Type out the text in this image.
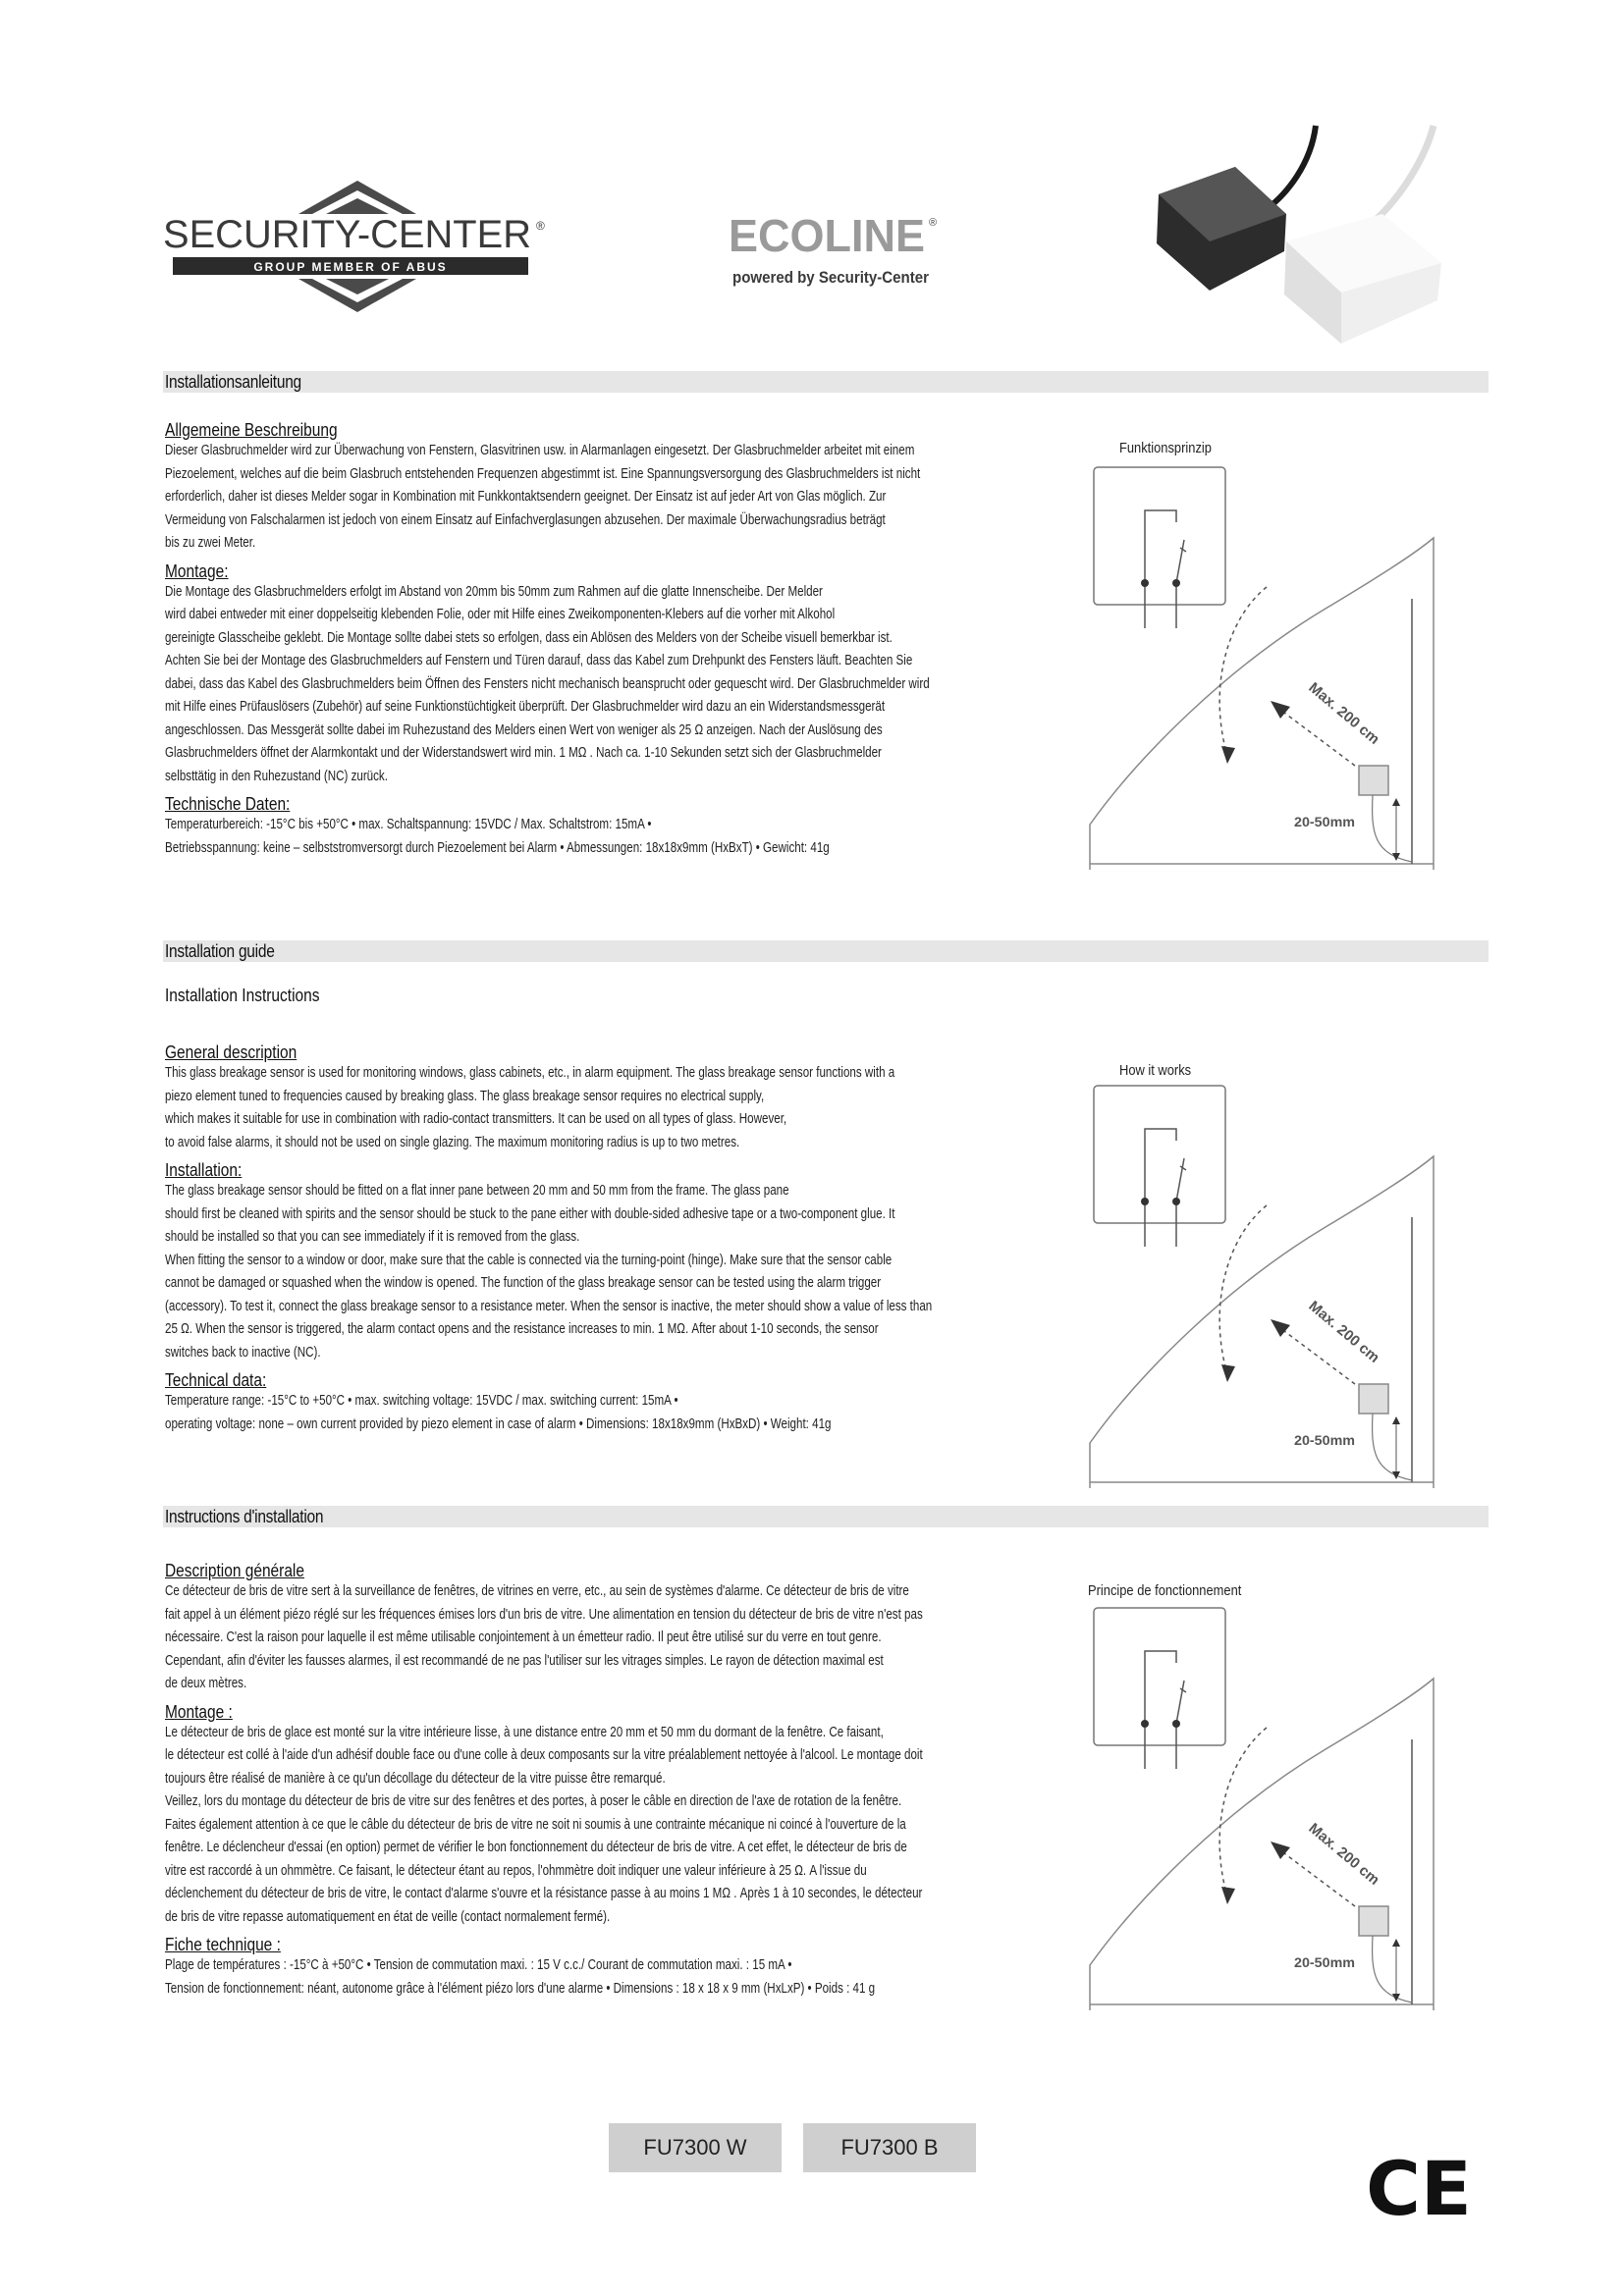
SECURITY-CENTER ®
GROUP MEMBER OF ABUS
ECOLINE ®
powered by Security-Center
Installationsanleitung

Allgemeine Beschreibung

Dieser Glasbruchmelder wird zur Überwachung von Fenstern, Glasvitrinen usw. in Alarmanlagen eingesetzt. Der Glasbruchmelder arbeitet mit einem
Piezoelement, welches auf die beim Glasbruch entstehenden Frequenzen abgestimmt ist. Eine Spannungsversorgung des Glasbruchmelders ist nicht
erforderlich, daher ist dieses Melder sogar in Kombination mit Funkkontaktsendern geeignet. Der Einsatz ist auf jeder Art von Glas möglich. Zur
Vermeidung von Falschalarmen ist jedoch von einem Einsatz auf Einfachverglasungen abzusehen. Der maximale Überwachungsradius beträgt
bis zu zwei Meter.

Montage:

Die Montage des Glasbruchmelders erfolgt im Abstand von 20mm bis 50mm zum Rahmen auf die glatte Innenscheibe. Der Melder
wird dabei entweder mit einer doppelseitig klebenden Folie, oder mit Hilfe eines Zweikomponenten-Klebers auf die vorher mit Alkohol
gereinigte Glasscheibe geklebt. Die Montage sollte dabei stets so erfolgen, dass ein Ablösen des Melders von der Scheibe visuell bemerkbar ist.
Achten Sie bei der Montage des Glasbruchmelders auf Fenstern und Türen darauf, dass das Kabel zum Drehpunkt des Fensters läuft. Beachten Sie
dabei, dass das Kabel des Glasbruchmelders beim Öffnen des Fensters nicht mechanisch beansprucht oder gequescht wird. Der Glasbruchmelder wird
mit Hilfe eines Prüfauslösers (Zubehör) auf seine Funktionstüchtigkeit überprüft. Der Glasbruchmelder wird dazu an ein Widerstandsmessgerät
angeschlossen. Das Messgerät sollte dabei im Ruhezustand des Melders einen Wert von weniger als 25 Ω anzeigen. Nach der Auslösung des
Glasbruchmelders öffnet der Alarmkontakt und der Widerstandswert wird min. 1 MΩ . Nach ca. 1-10 Sekunden setzt sich der Glasbruchmelder
selbsttätig in den Ruhezustand (NC) zurück.

Technische Daten:

Temperaturbereich: -15°C bis +50°C • max. Schaltspannung: 15VDC / Max. Schaltstrom: 15mA •
Betriebsspannung: keine – selbststromversorgt durch Piezoelement bei Alarm • Abmessungen: 18x18x9mm (HxBxT) • Gewicht: 41g
Funktionsprinzip
Max. 200 cm
20-50mm
Installation guide

Installation Instructions

General description

This glass breakage sensor is used for monitoring windows, glass cabinets, etc., in alarm equipment. The glass breakage sensor functions with a
piezo element tuned to frequencies caused by breaking glass. The glass breakage sensor requires no electrical supply,
which makes it suitable for use in combination with radio-contact transmitters. It can be used on all types of glass. However,
to avoid false alarms, it should not be used on single glazing. The maximum monitoring radius is up to two metres.

Installation:

The glass breakage sensor should be fitted on a flat inner pane between 20 mm and 50 mm from the frame. The glass pane
should first be cleaned with spirits and the sensor should be stuck to the pane either with double-sided adhesive tape or a two-component glue. It
should be installed so that you can see immediately if it is removed from the glass.
When fitting the sensor to a window or door, make sure that the cable is connected via the turning-point (hinge). Make sure that the sensor cable
cannot be damaged or squashed when the window is opened. The function of the glass breakage sensor can be tested using the alarm trigger
(accessory). To test it, connect the glass breakage sensor to a resistance meter. When the sensor is inactive, the meter should show a value of less than
25 Ω. When the sensor is triggered, the alarm contact opens and the resistance increases to min. 1 MΩ. After about 1-10 seconds, the sensor
switches back to inactive (NC).

Technical data:

Temperature range: -15°C to +50°C • max. switching voltage: 15VDC / max. switching current: 15mA •
operating voltage: none – own current provided by piezo element in case of alarm • Dimensions: 18x18x9mm (HxBxD) • Weight: 41g
How it works
Max. 200 cm
20-50mm
Instructions d'installation

Description générale

Ce détecteur de bris de vitre sert à la surveillance de fenêtres, de vitrines en verre, etc., au sein de systèmes d'alarme. Ce détecteur de bris de vitre
fait appel à un élément piézo réglé sur les fréquences émises lors d'un bris de vitre. Une alimentation en tension du détecteur de bris de vitre n'est pas
nécessaire. C'est la raison pour laquelle il est même utilisable conjointement à un émetteur radio. Il peut être utilisé sur du verre en tout genre.
Cependant, afin d'éviter les fausses alarmes, il est recommandé de ne pas l'utiliser sur les vitrages simples. Le rayon de détection maximal est
de deux mètres.

Montage :

Le détecteur de bris de glace est monté sur la vitre intérieure lisse, à une distance entre 20 mm et 50 mm du dormant de la fenêtre. Ce faisant,
le détecteur est collé à l'aide d'un adhésif double face ou d'une colle à deux composants sur la vitre préalablement nettoyée à l'alcool. Le montage doit
toujours être réalisé de manière à ce qu'un décollage du détecteur de la vitre puisse être remarqué.
Veillez, lors du montage du détecteur de bris de vitre sur des fenêtres et des portes, à poser le câble en direction de l'axe de rotation de la fenêtre.
Faites également attention à ce que le câble du détecteur de bris de vitre ne soit ni soumis à une contrainte mécanique ni coincé à l'ouverture de la
fenêtre. Le déclencheur d'essai (en option) permet de vérifier le bon fonctionnement du détecteur de bris de vitre. A cet effet, le détecteur de bris de
vitre est raccordé à un ohmmètre. Ce faisant, le détecteur étant au repos, l'ohmmètre doit indiquer une valeur inférieure à 25 Ω. A l'issue du
déclenchement du détecteur de bris de vitre, le contact d'alarme s'ouvre et la résistance passe à au moins 1 MΩ . Après 1 à 10 secondes, le détecteur
de bris de vitre repasse automatiquement en état de veille (contact normalement fermé).

Fiche technique :

Plage de températures : -15°C à +50°C • Tension de commutation maxi. : 15 V c.c./ Courant de commutation maxi. : 15 mA •
Tension de fonctionnement: néant, autonome grâce à l'élément piézo lors d'une alarme • Dimensions : 18 x 18 x 9 mm (HxLxP) • Poids : 41 g
Principe de fonctionnement
Max. 200 cm
20-50mm
FU7300 W	FU7300 B	CE
